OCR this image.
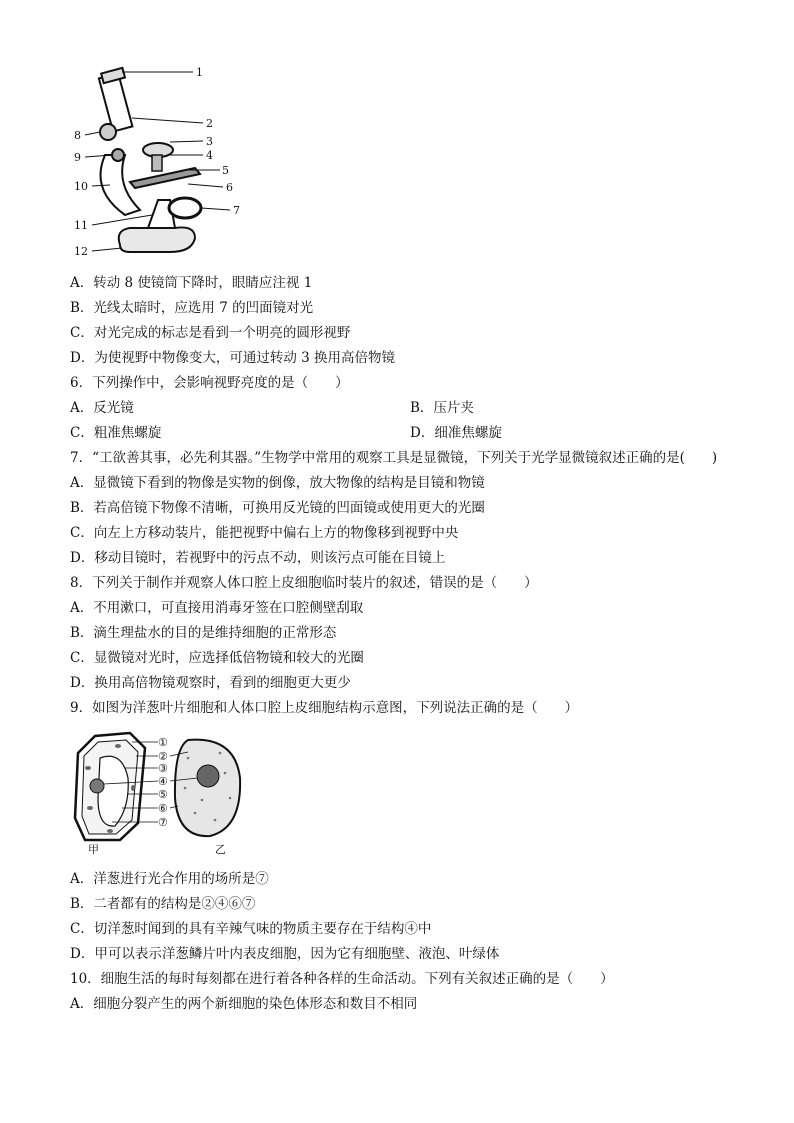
1
2
3
4
5
6
7
8
9
10
11
12
A．转动 8 使镜筒下降时，眼睛应注视 1
B．光线太暗时，应选用 7 的凹面镜对光
C．对光完成的标志是看到一个明亮的圆形视野
D．为使视野中物像变大，可通过转动 3 换用高倍物镜
6．下列操作中，会影响视野亮度的是（　　）
A．反光镜	B．压片夹
C．粗准焦螺旋	D．细准焦螺旋
7．“工欲善其事，必先利其器。”生物学中常用的观察工具是显微镜，下列关于光学显微镜叙述正确的是(　　)
A．显微镜下看到的物像是实物的倒像，放大物像的结构是目镜和物镜
B．若高倍镜下物像不清晰，可换用反光镜的凹面镜或使用更大的光圈
C．向左上方移动装片，能把视野中偏右上方的物像移到视野中央
D．移动目镜时，若视野中的污点不动，则该污点可能在目镜上
8．下列关于制作并观察人体口腔上皮细胞临时装片的叙述，错误的是（　　）
A．不用漱口，可直接用消毒牙签在口腔侧壁刮取
B．滴生理盐水的目的是维持细胞的正常形态
C．显微镜对光时，应选择低倍物镜和较大的光圈
D．换用高倍物镜观察时，看到的细胞更大更少
9．如图为洋葱叶片细胞和人体口腔上皮细胞结构示意图，下列说法正确的是（　　）
①
②
③
④
⑤
⑥
⑦
甲	乙
A．洋葱进行光合作用的场所是⑦
B．二者都有的结构是②④⑥⑦
C．切洋葱时闻到的具有辛辣气味的物质主要存在于结构④中
D．甲可以表示洋葱鳞片叶内表皮细胞，因为它有细胞壁、液泡、叶绿体
10．细胞生活的每时每刻都在进行着各种各样的生命活动。下列有关叙述正确的是（　　）
A．细胞分裂产生的两个新细胞的染色体形态和数目不相同
